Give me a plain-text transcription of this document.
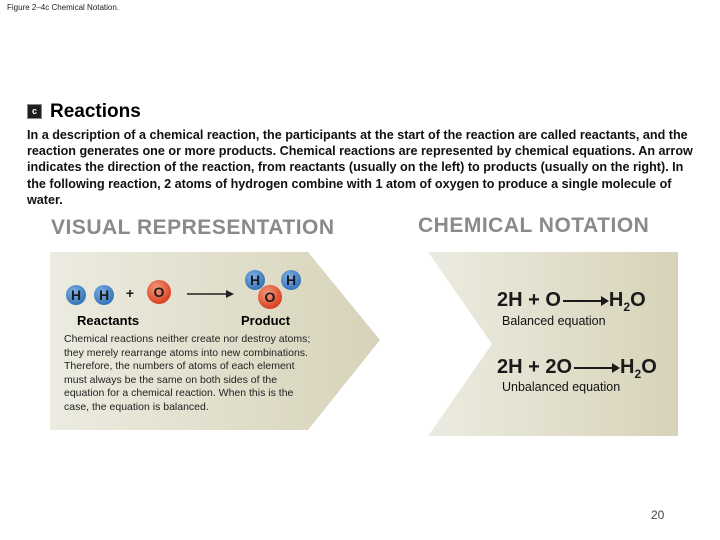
Figure 2–4c Chemical Notation.
c Reactions
In a description of a chemical reaction, the participants at the start of the reaction are called reactants, and the reaction generates one or more products. Chemical reactions are represented by chemical equations. An arrow indicates the direction of the reaction, from reactants (usually on the left) to products (usually on the right). In the following reaction, 2 atoms of hydrogen combine with 1 atom of oxygen to produce a single molecule of water.
VISUAL REPRESENTATION	CHEMICAL NOTATION
H H + O
H H
O
Reactants	Product
Chemical reactions neither create nor destroy atoms; they merely rearrange atoms into new combinations. Therefore, the numbers of atoms of each element must always be the same on both sides of the equation for a chemical reaction. When this is the case, the equation is balanced.
$2H + O \to H_2O$
Balanced equation
$2H + 2O \to H_2O$
Unbalanced equation
20
